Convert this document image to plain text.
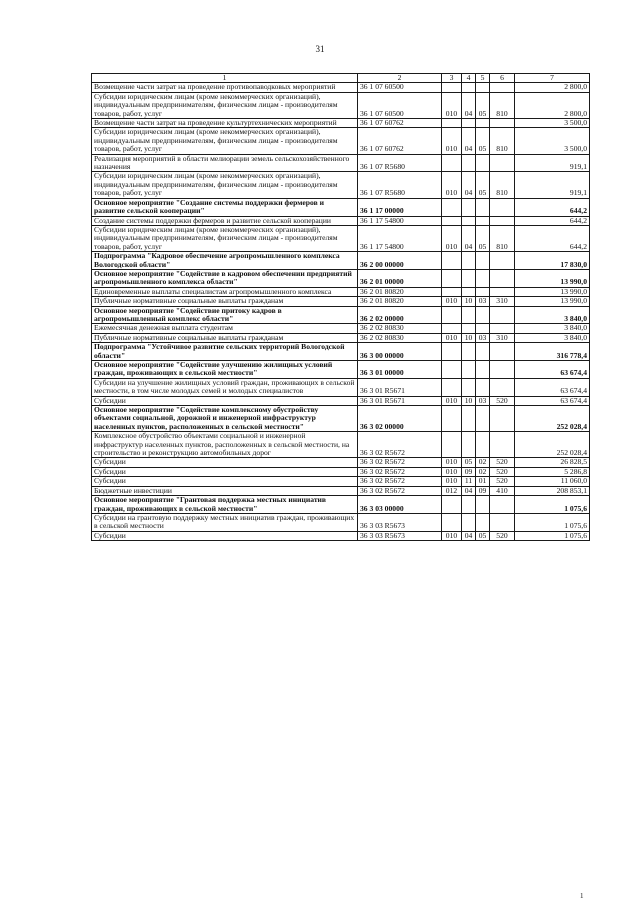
31
1	2	3	4	5	6	7
Возмещение части затрат на проведение противопаводковых мероприятий	36 1 07 60500					2 800,0
Субсидии юридическим лицам (кроме некоммерческих организаций), индивидуальным предпринимателям, физическим лицам - производителям товаров, работ, услуг	36 1 07 60500	010	04	05	810	2 800,0
Возмещение части затрат на проведение культуртехнических мероприятий	36 1 07 60762					3 500,0
Субсидии юридическим лицам (кроме некоммерческих организаций), индивидуальным предпринимателям, физическим лицам - производителям товаров, работ, услуг	36 1 07 60762	010	04	05	810	3 500,0
Реализация мероприятий в области мелиорации земель сельскохозяйственного назначения	36 1 07 R5680					919,1
Субсидии юридическим лицам (кроме некоммерческих организаций), индивидуальным предпринимателям, физическим лицам - производителям товаров, работ, услуг	36 1 07 R5680	010	04	05	810	919,1
Основное мероприятие "Создание системы поддержки фермеров и развитие сельской кооперации"	36 1 17 00000					644,2
Создание системы поддержки фермеров и развитие сельской кооперации	36 1 17 54800					644,2
Субсидии юридическим лицам (кроме некоммерческих организаций), индивидуальным предпринимателям, физическим лицам - производителям товаров, работ, услуг	36 1 17 54800	010	04	05	810	644,2
Подпрограмма "Кадровое обеспечение агропромышленного комплекса Вологодской области"	36 2 00 00000					17 830,0
Основное мероприятие "Содействие в кадровом обеспечении предприятий агропромышленного комплекса области"	36 2 01 00000					13 990,0
Единовременные выплаты специалистам агропромышленного комплекса	36 2 01 80820					13 990,0
Публичные нормативные социальные выплаты гражданам	36 2 01 80820	010	10	03	310	13 990,0
Основное мероприятие "Содействие притоку кадров в агропромышленный комплекс области"	36 2 02 00000					3 840,0
Ежемесячная денежная выплата студентам	36 2 02 80830					3 840,0
Публичные нормативные социальные выплаты гражданам	36 2 02 80830	010	10	03	310	3 840,0
Подпрограмма "Устойчивое развитие сельских территорий Вологодской области"	36 3 00 00000					316 778,4
Основное мероприятие "Содействие улучшению жилищных условий граждан, проживающих в сельской местности"	36 3 01 00000					63 674,4
Субсидии на улучшение жилищных условий граждан, проживающих в сельской местности, в том числе молодых семей и молодых специалистов	36 3 01 R5671					63 674,4
Субсидии	36 3 01 R5671	010	10	03	520	63 674,4
Основное мероприятие "Содействие комплексному обустройству объектами социальной, дорожной и инженерной инфраструктур населенных пунктов, расположенных в сельской местности"	36 3 02 00000					252 028,4
Комплексное обустройство объектами социальной и инженерной инфраструктур населенных пунктов, расположенных в сельской местности, на строительство и реконструкцию автомобильных дорог	36 3 02 R5672					252 028,4
Субсидии	36 3 02 R5672	010	05	02	520	26 828,5
Субсидии	36 3 02 R5672	010	09	02	520	5 286,8
Субсидии	36 3 02 R5672	010	11	01	520	11 060,0
Бюджетные инвестиции	36 3 02 R5672	012	04	09	410	208 853,1
Основное мероприятие "Грантовая поддержка местных инициатив граждан, проживающих в сельской местности"	36 3 03 00000					1 075,6
Субсидии на грантовую поддержку местных инициатив граждан, проживающих в сельской местности	36 3 03 R5673					1 075,6
Субсидии	36 3 03 R5673	010	04	05	520	1 075,6
1
